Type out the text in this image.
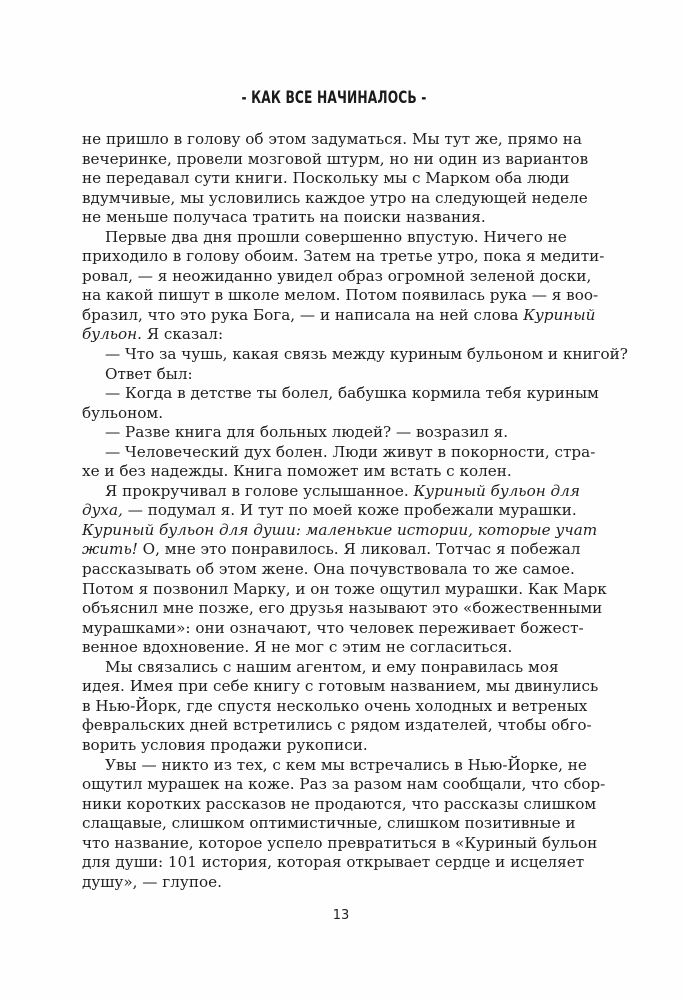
- КАК ВСЕ НАЧИНАЛОСЬ -

не пришло в голову об этом задуматься. Мы тут же, прямо на
вечеринке, провели мозговой штурм, но ни один из вариантов
не передавал сути книги. Поскольку мы с Марком оба люди
вдумчивые, мы условились каждое утро на следующей неделе
не меньше получаса тратить на поиски названия.

Первые два дня прошли совершенно впустую. Ничего не
приходило в голову обоим. Затем на третье утро, пока я медити-
ровал, — я неожиданно увидел образ огромной зеленой доски,
на какой пишут в школе мелом. Потом появилась рука — я воо-
бразил, что это рука Бога, — и написала на ней слова Куриный
бульон. Я сказал:

— Что за чушь, какая связь между куриным бульоном и книгой?

Ответ был:

— Когда в детстве ты болел, бабушка кормила тебя куриным
бульоном.

— Разве книга для больных людей? — возразил я.

— Человеческий дух болен. Люди живут в покорности, стра-
хе и без надежды. Книга поможет им встать с колен.

Я прокручивал в голове услышанное. Куриный бульон для
духа, — подумал я. И тут по моей коже пробежали мурашки.
Куриный бульон для души: маленькие истории, которые учат
жить! О, мне это понравилось. Я ликовал. Тотчас я побежал
рассказывать об этом жене. Она почувствовала то же самое.
Потом я позвонил Марку, и он тоже ощутил мурашки. Как Марк
объяснил мне позже, его друзья называют это «божественными
мурашками»: они означают, что человек переживает божест-
венное вдохновение. Я не мог с этим не согласиться.

Мы связались с нашим агентом, и ему понравилась моя
идея. Имея при себе книгу с готовым названием, мы двинулись
в Нью-Йорк, где спустя несколько очень холодных и ветреных
февральских дней встретились с рядом издателей, чтобы обго-
ворить условия продажи рукописи.

Увы — никто из тех, с кем мы встречались в Нью-Йорке, не
ощутил мурашек на коже. Раз за разом нам сообщали, что сбор-
ники коротких рассказов не продаются, что рассказы слишком
слащавые, слишком оптимистичные, слишком позитивные и
что название, которое успело превратиться в «Куриный бульон
для души: 101 история, которая открывает сердце и исцеляет
душу», — глупое.

13
